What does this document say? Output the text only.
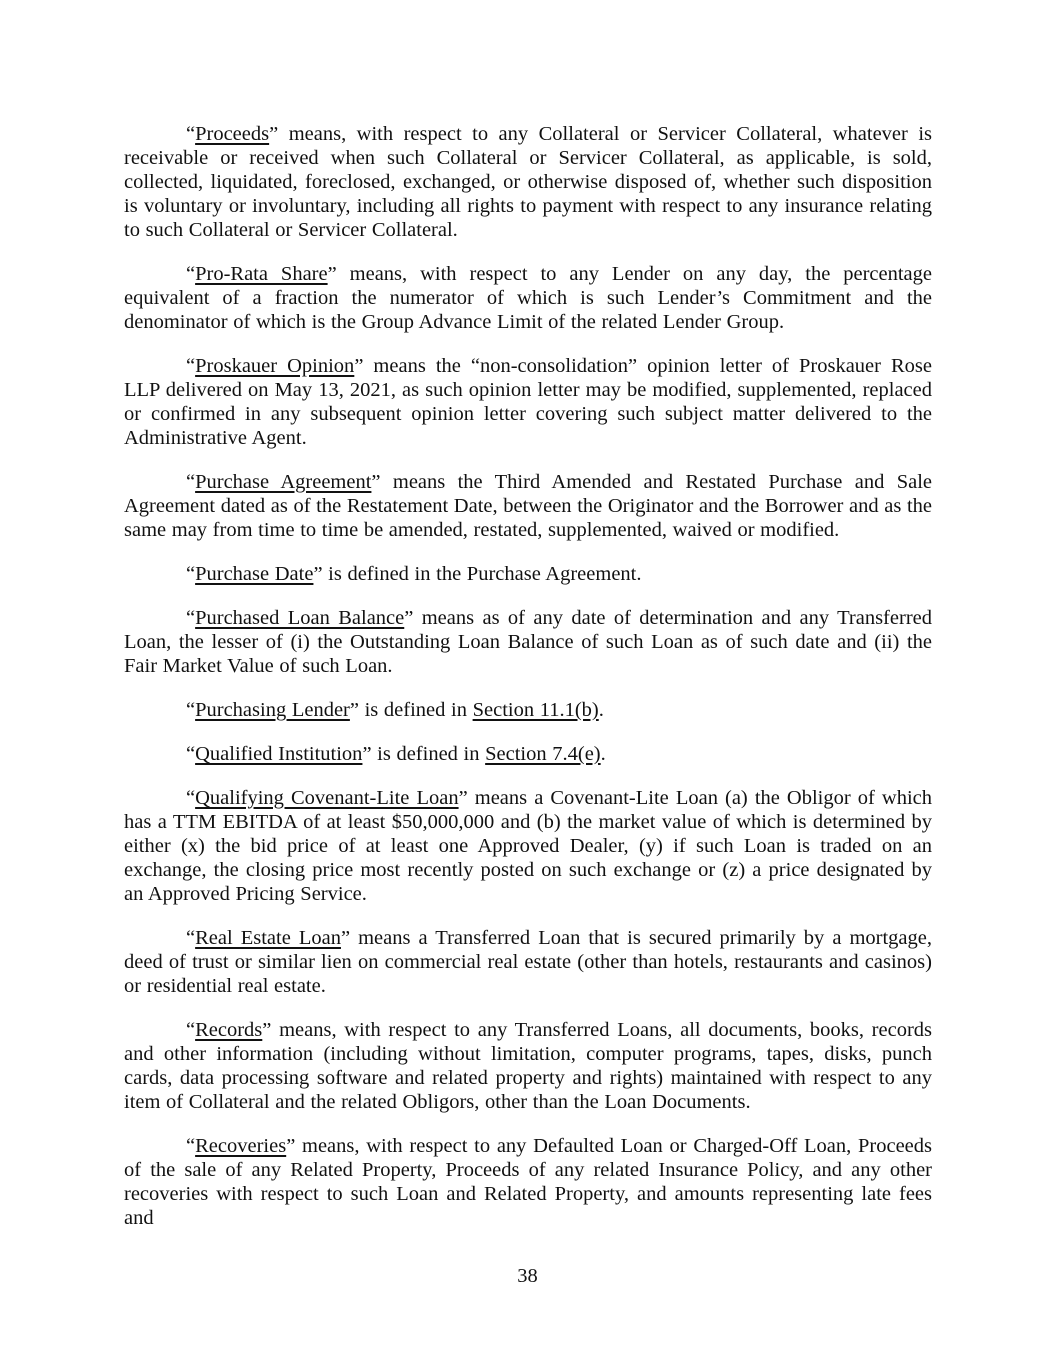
“Proceeds” means, with respect to any Collateral or Servicer Collateral, whatever is receivable or received when such Collateral or Servicer Collateral, as applicable, is sold, collected, liquidated, foreclosed, exchanged, or otherwise disposed of, whether such disposition is voluntary or involuntary, including all rights to payment with respect to any insurance relating to such Collateral or Servicer Collateral.

“Pro-Rata Share” means, with respect to any Lender on any day, the percentage equivalent of a fraction the numerator of which is such Lender’s Commitment and the denominator of which is the Group Advance Limit of the related Lender Group.

“Proskauer Opinion” means the “non-consolidation” opinion letter of Proskauer Rose LLP delivered on May 13, 2021, as such opinion letter may be modified, supplemented, replaced or confirmed in any subsequent opinion letter covering such subject matter delivered to the Administrative Agent.

“Purchase Agreement” means the Third Amended and Restated Purchase and Sale Agreement dated as of the Restatement Date, between the Originator and the Borrower and as the same may from time to time be amended, restated, supplemented, waived or modified.

“Purchase Date” is defined in the Purchase Agreement.

“Purchased Loan Balance” means as of any date of determination and any Transferred Loan, the lesser of (i) the Outstanding Loan Balance of such Loan as of such date and (ii) the Fair Market Value of such Loan.

“Purchasing Lender” is defined in Section 11.1(b).

“Qualified Institution” is defined in Section 7.4(e).

“Qualifying Covenant-Lite Loan” means a Covenant-Lite Loan (a) the Obligor of which has a TTM EBITDA of at least $50,000,000 and (b) the market value of which is determined by either (x) the bid price of at least one Approved Dealer, (y) if such Loan is traded on an exchange, the closing price most recently posted on such exchange or (z) a price designated by an Approved Pricing Service.

“Real Estate Loan” means a Transferred Loan that is secured primarily by a mortgage, deed of trust or similar lien on commercial real estate (other than hotels, restaurants and casinos) or residential real estate.

“Records” means, with respect to any Transferred Loans, all documents, books, records and other information (including without limitation, computer programs, tapes, disks, punch cards, data processing software and related property and rights) maintained with respect to any item of Collateral and the related Obligors, other than the Loan Documents.

“Recoveries” means, with respect to any Defaulted Loan or Charged-Off Loan, Proceeds of the sale of any Related Property, Proceeds of any related Insurance Policy, and any other recoveries with respect to such Loan and Related Property, and amounts representing late fees and

38
